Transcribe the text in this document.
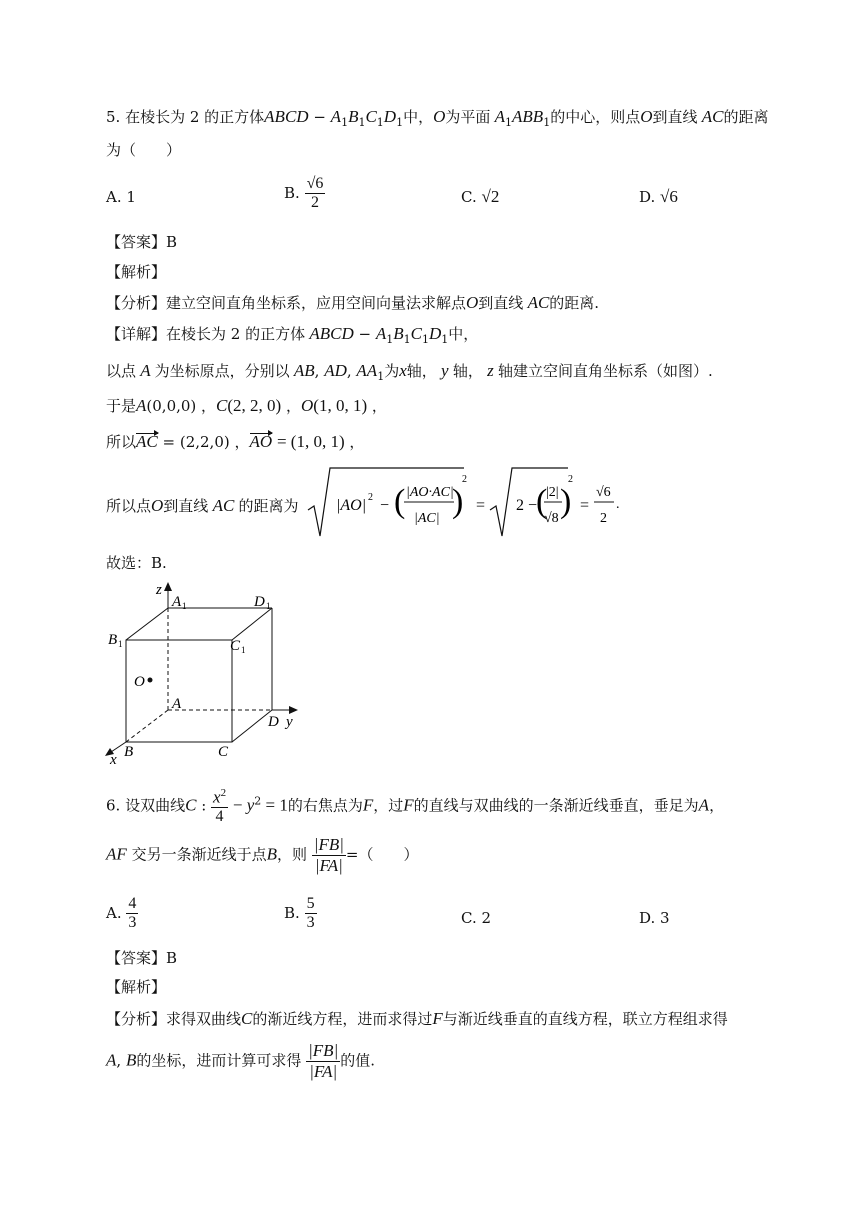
5. 在棱长为 2 的正方体ABCD − $A_1B_1C_1D_1$中，O为平面 $A_1ABB_1$的中心，则点O到直线 AC的距离
为（　　）
A. 1	B. $\frac{√6}{2}$	C. √2	D. √6
【答案】B
【解析】
【分析】建立空间直角坐标系，应用空间向量法求解点O到直线 AC的距离.
【详解】在棱长为 2 的正方体 ABCD − $A_1B_1C_1D_1$中，
以点 A 为坐标原点，分别以 AB, AD, $AA_1$为x轴， y 轴， z 轴建立空间直角坐标系（如图）.
于是A(0,0,0) ，C(2, 2, 0) ，O(1, 0, 1) ，
所以AC = (2,2,0) ，AO = (1, 0, 1) ，
所以点O到直线 AC 的距离为 |AO| 2 − ( |AO·AC|
|AC| )
2
= 2 −
(
|2|
√8 )
2
=
√6
2
.
故选：B.
z
A 1	D 1
B 1	C 1
O
A
D y
x B	C
6. 设双曲线C : $\frac{x^2}{4} - y^2 = 1$的右焦点为F，过F的直线与双曲线的一条渐近线垂直，垂足为A，
AF 交另一条渐近线于点B，则 $\frac{|FB|}{|FA|}$ =（　　）
A. $\frac{4}{3}$	B. $\frac{5}{3}$	C. 2	D. 3
【答案】B
【解析】
【分析】求得双曲线C的渐近线方程，进而求得过F与渐近线垂直的直线方程，联立方程组求得
A, B的坐标，进而计算可求得 $\frac{|FB|}{|FA|}$ 的值.
